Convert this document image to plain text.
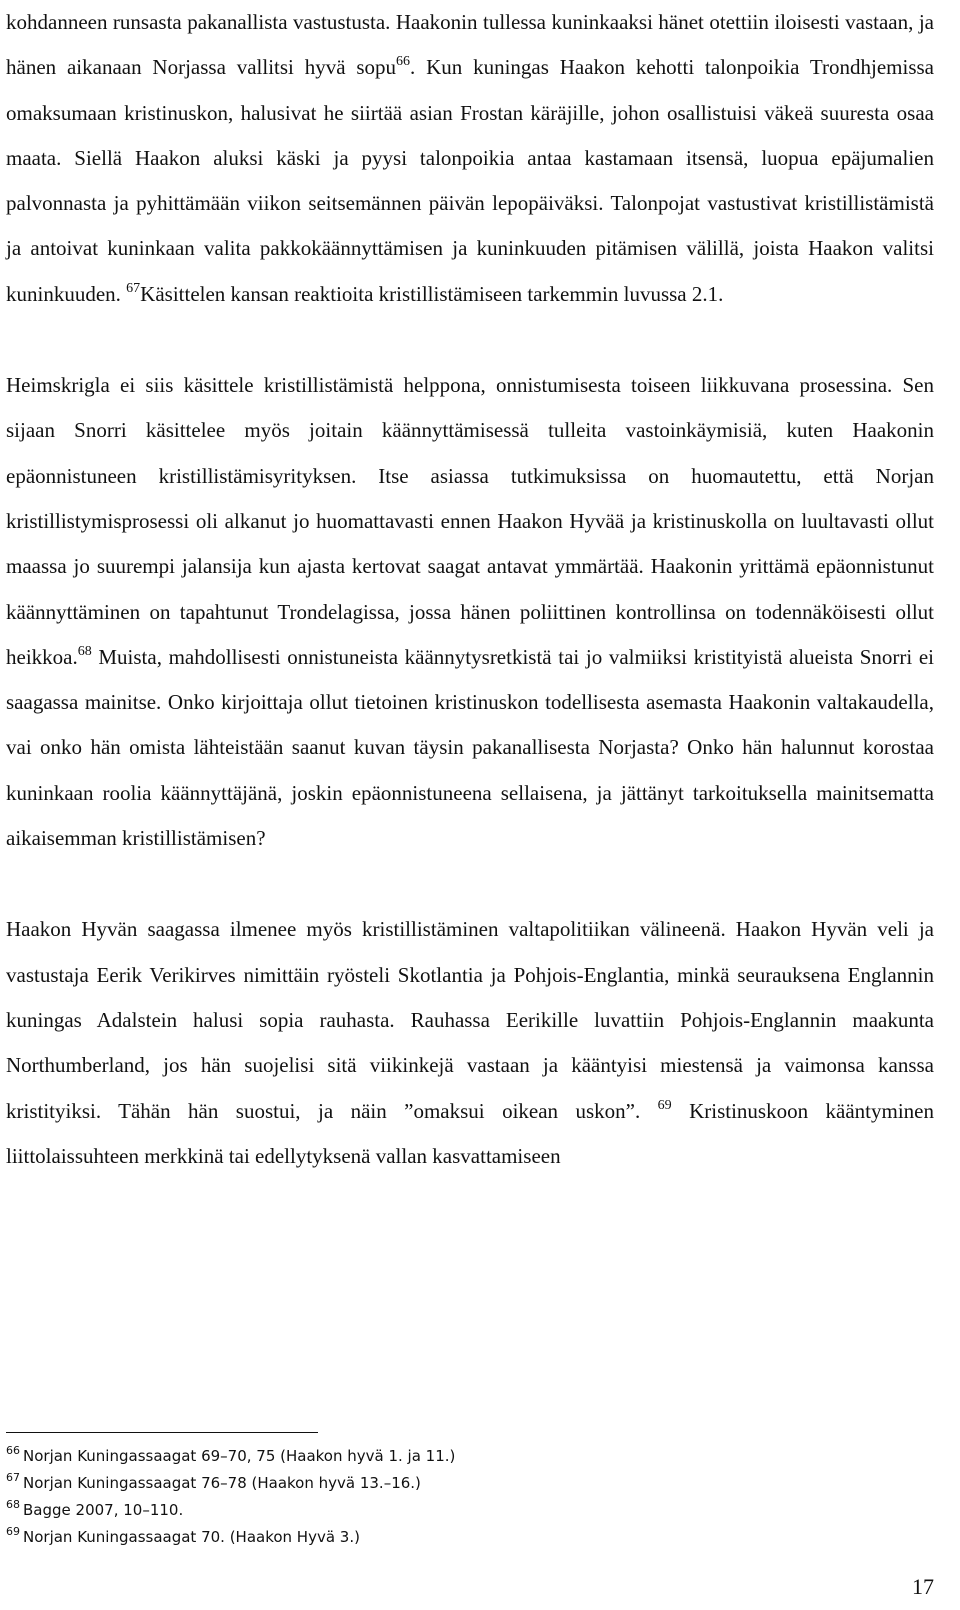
kohdanneen runsasta pakanallista vastustusta. Haakonin tullessa kuninkaaksi hänet otettiin iloisesti vastaan, ja hänen aikanaan Norjassa vallitsi hyvä sopu$^{66}$. Kun kuningas Haakon kehotti talonpoikia Trondhjemissa omaksumaan kristinuskon, halusivat he siirtää asian Frostan käräjille, johon osallistuisi väkeä suuresta osaa maata. Siellä Haakon aluksi käski ja pyysi talonpoikia antaa kastamaan itsensä, luopua epäjumalien palvonnasta ja pyhittämään viikon seitsemännen päivän lepopäiväksi. Talonpojat vastustivat kristillistämistä ja antoivat kuninkaan valita pakkokäännyttämisen ja kuninkuuden pitämisen välillä, joista Haakon valitsi kuninkuuden. $^{67}$Käsittelen kansan reaktioita kristillistämiseen tarkemmin luvussa 2.1.

Heimskrigla ei siis käsittele kristillistämistä helppona, onnistumisesta toiseen liikkuvana prosessina. Sen sijaan Snorri käsittelee myös joitain käännyttämisessä tulleita vastoinkäymisiä, kuten Haakonin epäonnistuneen kristillistämisyrityksen. Itse asiassa tutkimuksissa on huomautettu, että Norjan kristillistymisprosessi oli alkanut jo huomattavasti ennen Haakon Hyvää ja kristinuskolla on luultavasti ollut maassa jo suurempi jalansija kun ajasta kertovat saagat antavat ymmärtää. Haakonin yrittämä epäonnistunut käännyttäminen on tapahtunut Trondelagissa, jossa hänen poliittinen kontrollinsa on todennäköisesti ollut heikkoa.$^{68}$ Muista, mahdollisesti onnistuneista käännytysretkistä tai jo valmiiksi kristityistä alueista Snorri ei saagassa mainitse. Onko kirjoittaja ollut tietoinen kristinuskon todellisesta asemasta Haakonin valtakaudella, vai onko hän omista lähteistään saanut kuvan täysin pakanallisesta Norjasta? Onko hän halunnut korostaa kuninkaan roolia käännyttäjänä, joskin epäonnistuneena sellaisena, ja jättänyt tarkoituksella mainitsematta aikaisemman kristillistämisen?

Haakon Hyvän saagassa ilmenee myös kristillistäminen valtapolitiikan välineenä. Haakon Hyvän veli ja vastustaja Eerik Verikirves nimittäin ryösteli Skotlantia ja Pohjois-Englantia, minkä seurauksena Englannin kuningas Adalstein halusi sopia rauhasta. Rauhassa Eerikille luvattiin Pohjois-Englannin maakunta Northumberland, jos hän suojelisi sitä viikinkejä vastaan ja kääntyisi miestensä ja vaimonsa kanssa kristityiksi. Tähän hän suostui, ja näin ”omaksui oikean uskon”. $^{69}$ Kristinuskoon kääntyminen liittolaissuhteen merkkinä tai edellytyksenä vallan kasvattamiseen

$^{66}$ Norjan Kuningassaagat 69–70, 75 (Haakon hyvä 1. ja 11.)

$^{67}$ Norjan Kuningassaagat 76–78 (Haakon hyvä 13.–16.)

$^{68}$ Bagge 2007, 10–110.

$^{69}$ Norjan Kuningassaagat 70. (Haakon Hyvä 3.)

17
